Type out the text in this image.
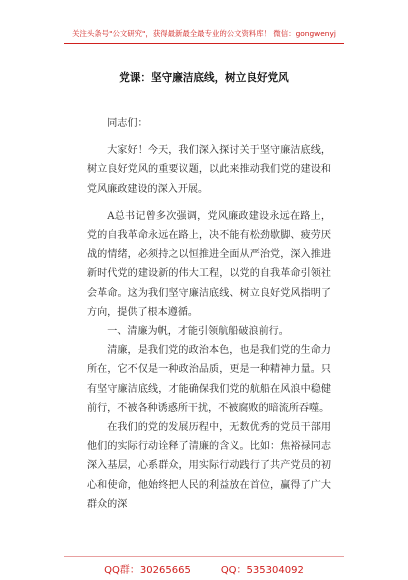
关注头条号"公文研究"，获得最新最全最专业的公文资料库！ 微信：gongwenyj
党课：坚守廉洁底线，树立良好党风

同志们：

大家好！今天，我们深入探讨关于坚守廉洁底线，树立良好党风的重要议题，以此来推动我们党的建设和党风廉政建设的深入开展。

A总书记曾多次强调，党风廉政建设永远在路上，党的自我革命永远在路上，决不能有松劲歇脚、疲劳厌战的情绪，必须持之以恒推进全面从严治党，深入推进新时代党的建设新的伟大工程，以党的自我革命引领社会革命。这为我们坚守廉洁底线、树立良好党风指明了方向，提供了根本遵循。

一、清廉为帆，才能引领航船破浪前行。

清廉，是我们党的政治本色，也是我们党的生命力所在，它不仅是一种政治品质，更是一种精神力量。只有坚守廉洁底线，才能确保我们党的航船在风浪中稳健前行，不被各种诱惑所干扰，不被腐败的暗流所吞噬。

在我们的党的发展历程中，无数优秀的党员干部用他们的实际行动诠释了清廉的含义。比如：焦裕禄同志深入基层，心系群众，用实际行动践行了共产党员的初心和使命，他始终把人民的利益放在首位，赢得了广大群众的深

QQ群：30265665	QQ：535304092
